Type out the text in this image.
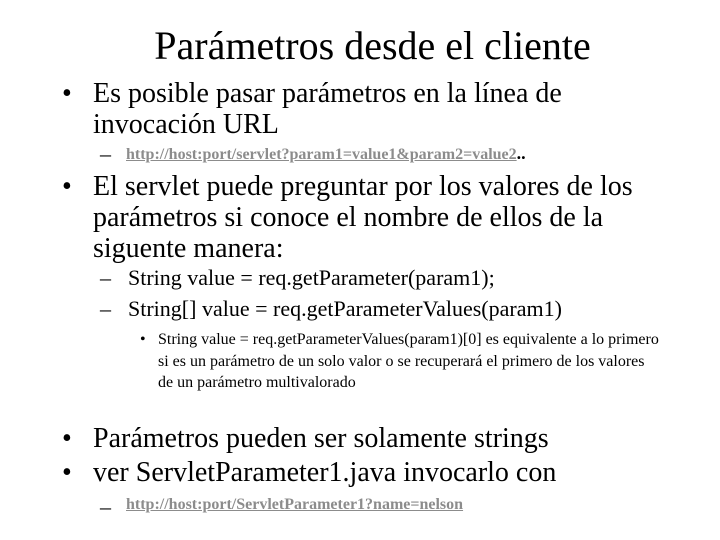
Parámetros desde el cliente
• Es posible pasar parámetros en la línea de invocación URL
– http://host:port/servlet?param1=value1&param2=value2..
• El servlet puede preguntar por los valores de los parámetros si conoce el nombre de ellos de la siguente manera:
– String value = req.getParameter(param1);
– String[] value = req.getParameterValues(param1)
• String value = req.getParameterValues(param1)[0] es equivalente a lo primero si es un parámetro de un solo valor o se recuperará el primero de los valores de un parámetro multivalorado
• Parámetros pueden ser solamente strings
• ver ServletParameter1.java invocarlo con
– http://host:port/ServletParameter1?name=nelson
